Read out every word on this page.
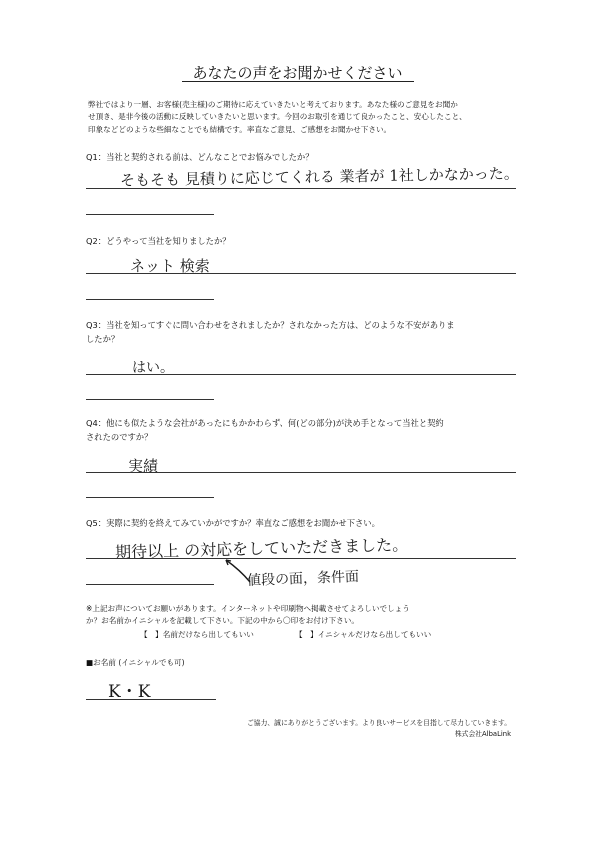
あなたの声をお聞かせください
弊社ではより一層、お客様(売主様)のご期待に応えていきたいと考えております。あなた様のご意見をお聞か
せ頂き、是非今後の活動に反映していきたいと思います。今回のお取引を通じて良かったこと、安心したこと、
印象などどのような些細なことでも結構です。率直なご意見、ご感想をお聞かせ下さい。
Q1：当社と契約される前は、どんなことでお悩みでしたか？
そもそも 見積りに応じてくれる 業者が 1社しかなかった。
Q2：どうやって当社を知りましたか？
ネット 検索
Q3：当社を知ってすぐに問い合わせをされましたか？されなかった方は、どのような不安がありま
したか？
はい。
Q4：他にも似たような会社があったにもかかわらず、何(どの部分)が決め手となって当社と契約
されたのですか？
実績
Q5：実際に契約を終えてみていかがですか？率直なご感想をお聞かせ下さい。
期待以上 の対応をしていただきました。
値段の面，条件面
※上記お声についてお願いがあります。インターネットや印刷物へ掲載させてよろしいでしょう
か？お名前かイニシャルを記載して下さい。下記の中から〇印をお付け下さい。
【　】名前だけなら出してもいい	【　】イニシャルだけなら出してもいい
■お名前 (イニシャルでも可)
K・K
ご協力、誠にありがとうございます。より良いサービスを目指して尽力していきます。
株式会社AlbaLink
